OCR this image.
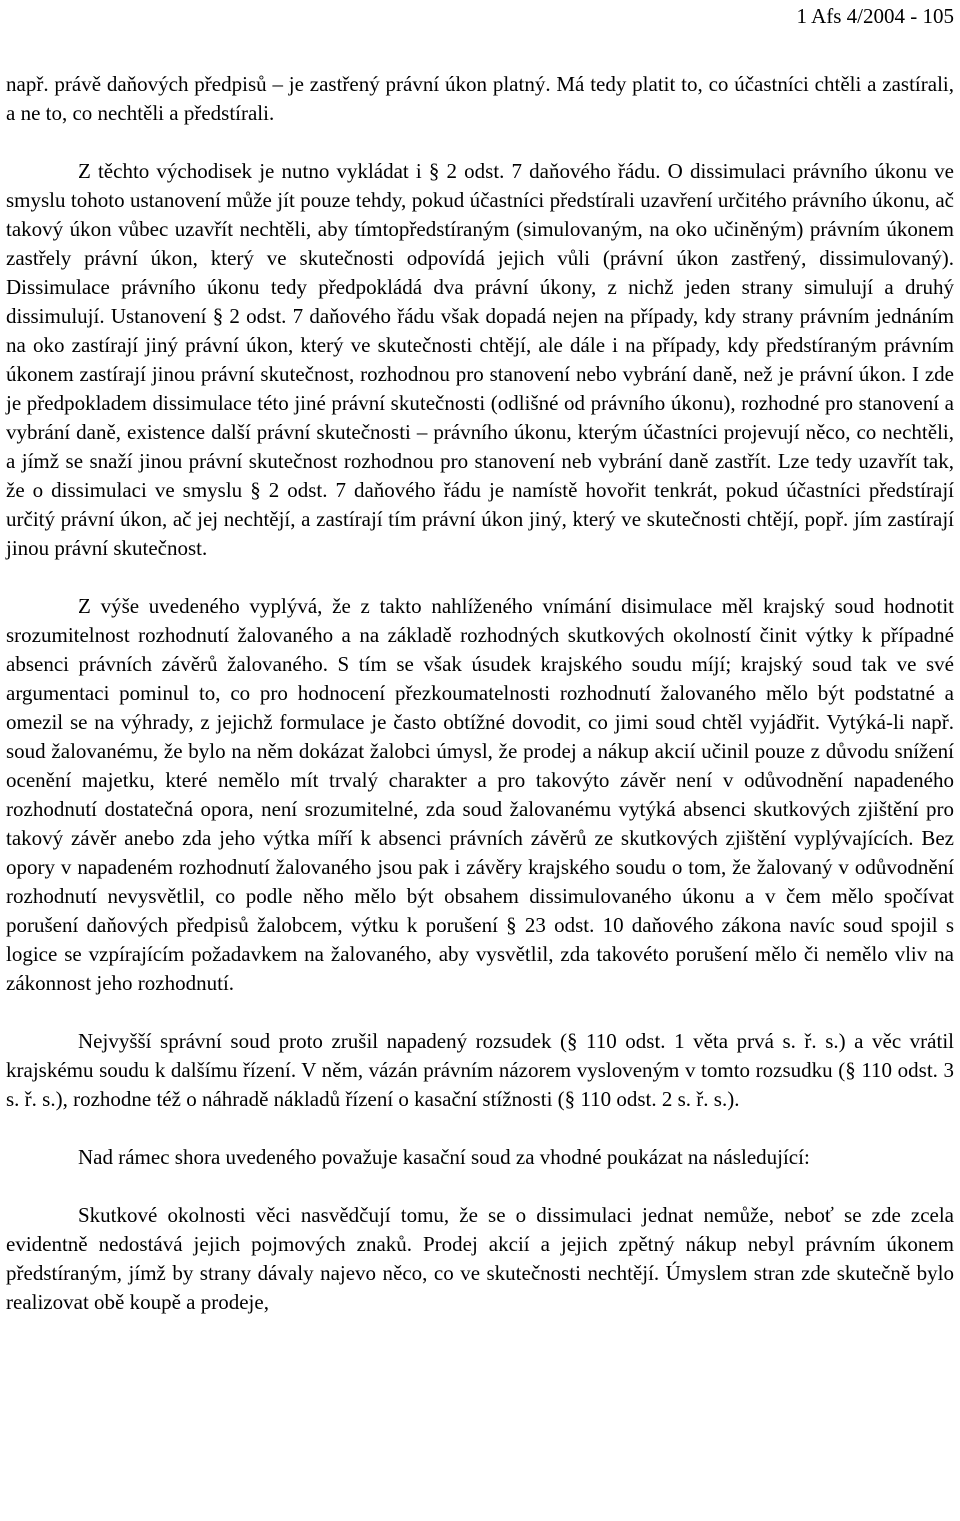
1 Afs 4/2004 - 105

např. právě daňových předpisů – je zastřený právní úkon platný. Má tedy platit to, co účastníci chtěli a zastírali, a ne to, co nechtěli a předstírali.

Z těchto východisek je nutno vykládat i § 2 odst. 7 daňového řádu. O dissimulaci právního úkonu ve smyslu tohoto ustanovení může jít pouze tehdy, pokud účastníci předstírali uzavření určitého právního úkonu, ač takový úkon vůbec uzavřít nechtěli, aby tímtopředstíraným (simulovaným, na oko učiněným) právním úkonem zastřely právní úkon, který ve skutečnosti odpovídá jejich vůli (právní úkon zastřený, dissimulovaný). Dissimulace právního úkonu tedy předpokládá dva právní úkony, z nichž jeden strany simulují a druhý dissimulují. Ustanovení § 2 odst. 7 daňového řádu však dopadá nejen na případy, kdy strany právním jednáním na oko zastírají jiný právní úkon, který ve skutečnosti chtějí, ale dále i na případy, kdy předstíraným právním úkonem zastírají jinou právní skutečnost, rozhodnou pro stanovení nebo vybrání daně, než je právní úkon. I zde je předpokladem dissimulace této jiné právní skutečnosti (odlišné od právního úkonu), rozhodné pro stanovení a vybrání daně, existence další právní skutečnosti – právního úkonu, kterým účastníci projevují něco, co nechtěli, a jímž se snaží jinou právní skutečnost rozhodnou pro stanovení neb vybrání daně zastřít. Lze tedy uzavřít tak, že o dissimulaci ve smyslu § 2 odst. 7 daňového řádu je namístě hovořit tenkrát, pokud účastníci předstírají určitý právní úkon, ač jej nechtějí, a zastírají tím právní úkon jiný, který ve skutečnosti chtějí, popř. jím zastírají jinou právní skutečnost.

Z výše uvedeného vyplývá, že z takto nahlíženého vnímání disimulace měl krajský soud hodnotit srozumitelnost rozhodnutí žalovaného a na základě rozhodných skutkových okolností činit výtky k případné absenci právních závěrů žalovaného. S tím se však úsudek krajského soudu míjí; krajský soud tak ve své argumentaci pominul to, co pro hodnocení přezkoumatelnosti rozhodnutí žalovaného mělo být podstatné a omezil se na výhrady, z jejichž formulace je často obtížné dovodit, co jimi soud chtěl vyjádřit. Vytýká-li např. soud žalovanému, že bylo na něm dokázat žalobci úmysl, že prodej a nákup akcií učinil pouze z důvodu snížení ocenění majetku, které nemělo mít trvalý charakter a pro takovýto závěr není v odůvodnění napadeného rozhodnutí dostatečná opora, není srozumitelné, zda soud žalovanému vytýká absenci skutkových zjištění pro takový závěr anebo zda jeho výtka míří k absenci právních závěrů ze skutkových zjištění vyplývajících. Bez opory v napadeném rozhodnutí žalovaného jsou pak i závěry krajského soudu o tom, že žalovaný v odůvodnění rozhodnutí nevysvětlil, co podle něho mělo být obsahem dissimulovaného úkonu a v čem mělo spočívat porušení daňových předpisů žalobcem, výtku k porušení § 23 odst. 10 daňového zákona navíc soud spojil s logice se vzpírajícím požadavkem na žalovaného, aby vysvětlil, zda takovéto porušení mělo či nemělo vliv na zákonnost jeho rozhodnutí.

Nejvyšší správní soud proto zrušil napadený rozsudek (§ 110 odst. 1 věta prvá s. ř. s.) a věc vrátil krajskému soudu k dalšímu řízení. V něm, vázán právním názorem vysloveným v tomto rozsudku (§ 110 odst. 3 s. ř. s.), rozhodne též o náhradě nákladů řízení o kasační stížnosti (§ 110 odst. 2 s. ř. s.).

Nad rámec shora uvedeného považuje kasační soud za vhodné poukázat na následující:

Skutkové okolnosti věci nasvědčují tomu, že se o dissimulaci jednat nemůže, neboť se zde zcela evidentně nedostává jejich pojmových znaků. Prodej akcií a jejich zpětný nákup nebyl právním úkonem předstíraným, jímž by strany dávaly najevo něco, co ve skutečnosti nechtějí. Úmyslem stran zde skutečně bylo realizovat obě koupě a prodeje,
